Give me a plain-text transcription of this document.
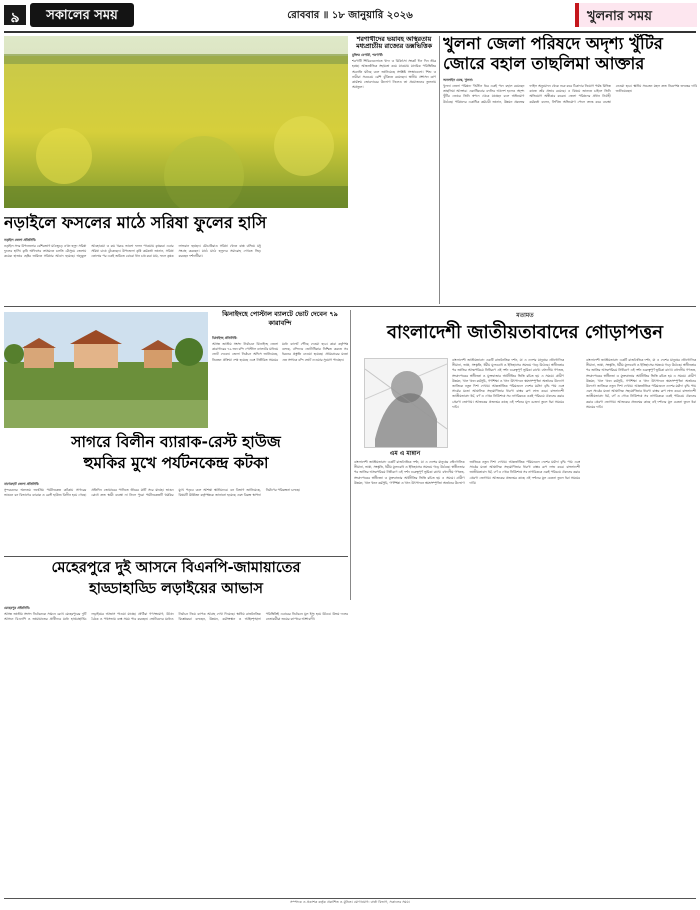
৯	সকালের সময়	রোববার ॥ ১৮ জানুয়ারি ২০২৬	খুলনার সময়
শরণার্থীদের ভয়াবহ অস্থিরতায় মধ্যপ্রাচ্যীয় রাজ্যের ডক্সভিত্তিক
মুক্তির বেপারী, শরণার্থী:
শরণার্থী শিবিরগুলোতে খাদ্য ও চিকিৎসা সংকট দিন দিন তীব্র হচ্ছে। আন্তর্জাতিক সহায়তা কমে যাওয়ায় মানবিক পরিস্থিতির অবনতি ঘটছে বলে জানিয়েছে সংশ্লিষ্ট সংস্থাগুলো। শিশু ও নারীরা সবচেয়ে বেশি ঝুঁকিতে রয়েছেন। স্থানীয় প্রশাসন ত্রাণ কার্যক্রম জোরদারের উদ্যোগ নিলেও তা প্রয়োজনের তুলনায় অপ্রতুল।
খুলনা জেলা পরিষদে অদৃশ্য খুঁটির জোরে বহাল তাছলিমা আক্তার
অনলাইন ডেস্ক, খুলনা:
খুলনা জেলা পরিষদে দীর্ঘদিন ধরে একই পদে বহাল রয়েছেন তাছলিমা আক্তার। একাধিকবার বদলির আদেশ হলেও অদৃশ্য খুঁটির জোরে তিনি স্বপদে থেকে যাচ্ছেন বলে অভিযোগ উঠেছে। পরিষদের একাধিক কর্মচারী জানান, উন্নয়ন প্রকল্পের ফাইল অনুমোদন থেকে শুরু করে ঠিকাদার নিয়োগ পর্যন্ত বিভিন্ন কাজে তাঁর প্রভাব রয়েছে। এ বিষয়ে জানতে চাইলে তিনি অভিযোগ অস্বীকার করেন। জেলা পরিষদের প্রধান নির্বাহী কর্মকর্তা বলেন, লিখিত অভিযোগ পেলে তদন্ত করে ব্যবস্থা নেওয়া হবে। স্থানীয় সচেতন মহল দ্রুত নিরপেক্ষ তদন্তের দাবি জানিয়েছেন।
নড়াইলে ফসলের মাঠে সরিষা ফুলের হাসি
নড়াইল জেলা প্রতিনিধি:
নড়াইল সদর উপজেলার বেশিরভাগ মাঠজুড়ে এখন হলুদ সরিষা ফুলের হাসি। কৃষি অফিসের তথ্যমতে চলতি মৌসুমে জেলায় কয়েক হাজার হেক্টর জমিতে সরিষার আবাদ হয়েছে। অনুকূল আবহাওয়া ও কম খরচে ভালো ফলন পাওয়ায় কৃষকরা এবার সরিষা চাষে ঝুঁকেছেন। উপজেলা কৃষি কর্মকর্তা জানান, সরিষা তোলার পর একই জমিতে বোরো ধান চাষ করা যায়, ফলে কৃষক লাভবান হচ্ছেন। মৌচাষিরাও সরিষা খেতে বাক্স বসিয়ে মধু সংগ্রহ করছেন। মাঠে মাঠে হলুদের সমারোহ দেখতে ভিড় করছেন দর্শনার্থীরা।
ঝিনাইদহে পোস্টাল ব্যালটে ভোট দেবেন ৭৯ কারাবন্দি
ঝিনাইদহ প্রতিনিধি:
আসন্ন জাতীয় সংসদ নির্বাচনে ঝিনাইদহ জেলা কারাগারের ৭৯ জন বন্দি পোস্টাল ব্যালটের মাধ্যমে ভোট দেবেন। জেলা নির্বাচন অফিস জানিয়েছে, নিবন্ধন প্রক্রিয়া শেষ হয়েছে এবং নির্ধারিত সময়ের মধ্যে ব্যালট পৌঁছে দেওয়া হবে। কারা কর্তৃপক্ষ বলছে, বন্দিদের ভোটাধিকার নিশ্চিত করতে সব ধরনের প্রস্তুতি নেওয়া হয়েছে। প্রথমবারের মতো এত সংখ্যক বন্দি ভোট দেওয়ার সুযোগ পাচ্ছেন।
সাগরে বিলীন ব্যারাক-রেস্ট হাউজ
হুমকির মুখে পর্যটনকেন্দ্র কটকা
বাগেরহাট জেলা প্রতিনিধি:
সুন্দরবনের অন্যতম জনপ্রিয় পর্যটনকেন্দ্র কটকায় সাগরের ভাঙনে বন বিভাগের ব্যারাক ও রেস্ট হাউজ বিলীন হয়ে গেছে। প্রতিদিন জোয়ারের পানিতে তীরের মাটি সরে যাচ্ছে। ভাঙন রোধে দ্রুত স্থায়ী ব্যবস্থা না নিলে পুরো পর্যটনকেন্দ্রটি হুমকির মুখে পড়বে বলে আশঙ্কা স্থানীয়দের। বন বিভাগ জানিয়েছে, বিষয়টি ঊর্ধ্বতন কর্তৃপক্ষকে জানানো হয়েছে এবং বিকল্প স্থাপনা নির্মাণের পরিকল্পনা চলছে।
মতামত
বাংলাদেশী জাতীয়তাবাদের গোড়াপত্তন
এম এ মান্নান
বাংলাদেশী জাতীয়তাবাদ একটি রাজনৈতিক দর্শন, যা এ দেশের মানুষের ভৌগোলিক সীমানা, ভাষা, সংস্কৃতি, ধর্মীয় মূল্যবোধ ও ইতিহাসের সমন্বয়ে গড়ে উঠেছে। স্বাধীনতার পর জাতির আত্মপরিচয় নির্ধারণে এই দর্শন গুরুত্বপূর্ণ ভূমিকা রাখে। বহুদলীয় গণতন্ত্র, সংবাদপত্রের স্বাধীনতা ও মুক্তবাজার অর্থনীতির ভিত্তি রচিত হয় এ সময়ে। গ্রামীণ উন্নয়ন, খাল খনন কর্মসূচি, গণশিক্ষা ও খাদ্য উৎপাদনে স্বয়ংসম্পূর্ণতা অর্জনের উদ্যোগ জাতিকে নতুন দিশা দেখায়। আন্তর্জাতিক পরিমণ্ডলে দেশের মর্যাদা বৃদ্ধি পায় এবং সার্কের মতো আঞ্চলিক সহযোগিতার ধারণা বাস্তব রূপ লাভ করে। বাংলাদেশী জাতীয়তাবাদ ধর্ম, বর্ণ ও গোত্র নির্বিশেষে সব নাগরিককে একই পরিচয়ে ঐক্যবদ্ধ করার প্রেরণা জোগায়। আজকের প্রজন্মের কাছে এই দর্শনের মূল চেতনা তুলে ধরা সময়ের দাবি।
বাংলাদেশী জাতীয়তাবাদ একটি রাজনৈতিক দর্শন, যা এ দেশের মানুষের ভৌগোলিক সীমানা, ভাষা, সংস্কৃতি, ধর্মীয় মূল্যবোধ ও ইতিহাসের সমন্বয়ে গড়ে উঠেছে। স্বাধীনতার পর জাতির আত্মপরিচয় নির্ধারণে এই দর্শন গুরুত্বপূর্ণ ভূমিকা রাখে। বহুদলীয় গণতন্ত্র, সংবাদপত্রের স্বাধীনতা ও মুক্তবাজার অর্থনীতির ভিত্তি রচিত হয় এ সময়ে। গ্রামীণ উন্নয়ন, খাল খনন কর্মসূচি, গণশিক্ষা ও খাদ্য উৎপাদনে স্বয়ংসম্পূর্ণতা অর্জনের উদ্যোগ জাতিকে নতুন দিশা দেখায়। আন্তর্জাতিক পরিমণ্ডলে দেশের মর্যাদা বৃদ্ধি পায় এবং সার্কের মতো আঞ্চলিক সহযোগিতার ধারণা বাস্তব রূপ লাভ করে। বাংলাদেশী জাতীয়তাবাদ ধর্ম, বর্ণ ও গোত্র নির্বিশেষে সব নাগরিককে একই পরিচয়ে ঐক্যবদ্ধ করার প্রেরণা জোগায়। আজকের প্রজন্মের কাছে এই দর্শনের মূল চেতনা তুলে ধরা সময়ের দাবি।
বাংলাদেশী জাতীয়তাবাদ একটি রাজনৈতিক দর্শন, যা এ দেশের মানুষের ভৌগোলিক সীমানা, ভাষা, সংস্কৃতি, ধর্মীয় মূল্যবোধ ও ইতিহাসের সমন্বয়ে গড়ে উঠেছে। স্বাধীনতার পর জাতির আত্মপরিচয় নির্ধারণে এই দর্শন গুরুত্বপূর্ণ ভূমিকা রাখে। বহুদলীয় গণতন্ত্র, সংবাদপত্রের স্বাধীনতা ও মুক্তবাজার অর্থনীতির ভিত্তি রচিত হয় এ সময়ে। গ্রামীণ উন্নয়ন, খাল খনন কর্মসূচি, গণশিক্ষা ও খাদ্য উৎপাদনে স্বয়ংসম্পূর্ণতা অর্জনের উদ্যোগ জাতিকে নতুন দিশা দেখায়। আন্তর্জাতিক পরিমণ্ডলে দেশের মর্যাদা বৃদ্ধি পায় এবং সার্কের মতো আঞ্চলিক সহযোগিতার ধারণা বাস্তব রূপ লাভ করে। বাংলাদেশী জাতীয়তাবাদ ধর্ম, বর্ণ ও গোত্র নির্বিশেষে সব নাগরিককে একই পরিচয়ে ঐক্যবদ্ধ করার প্রেরণা জোগায়। আজকের প্রজন্মের কাছে এই দর্শনের মূল চেতনা তুলে ধরা সময়ের দাবি।
মেহেরপুরে দুই আসনে বিএনপি-জামায়াতের
হাড্ডাহাড্ডি লড়াইয়ের আভাস
মেহেরপুর প্রতিনিধি:
আসন্ন জাতীয় সংসদ নির্বাচনকে সামনে রেখে মেহেরপুরের দুটি আসনে বিএনপি ও জামায়াতের প্রার্থীদের মধ্যে হাড্ডাহাড্ডি লড়াইয়ের আভাস পাওয়া যাচ্ছে। প্রার্থীরা গণসংযোগ, উঠান বৈঠক ও পথসভায় ব্যস্ত সময় পার করছেন। ভোটারদের মধ্যেও নির্বাচন নিয়ে ব্যাপক আগ্রহ দেখা দিয়েছে। স্থানীয় রাজনৈতিক বিশ্লেষকরা বলছেন, উন্নয়ন, কর্মসংস্থান ও আইনশৃঙ্খলা পরিস্থিতিই এবারের নির্বাচনে মূল ইস্যু হয়ে উঠবে। উভয় দলের নেতাকর্মীরা জয়ের ব্যাপারে আশাবাদী।
সম্পাদক ও প্রকাশক কর্তৃক প্রকাশিত ও মুদ্রিত। যোগাযোগ: বার্তা বিভাগ, সকালের সময়।
